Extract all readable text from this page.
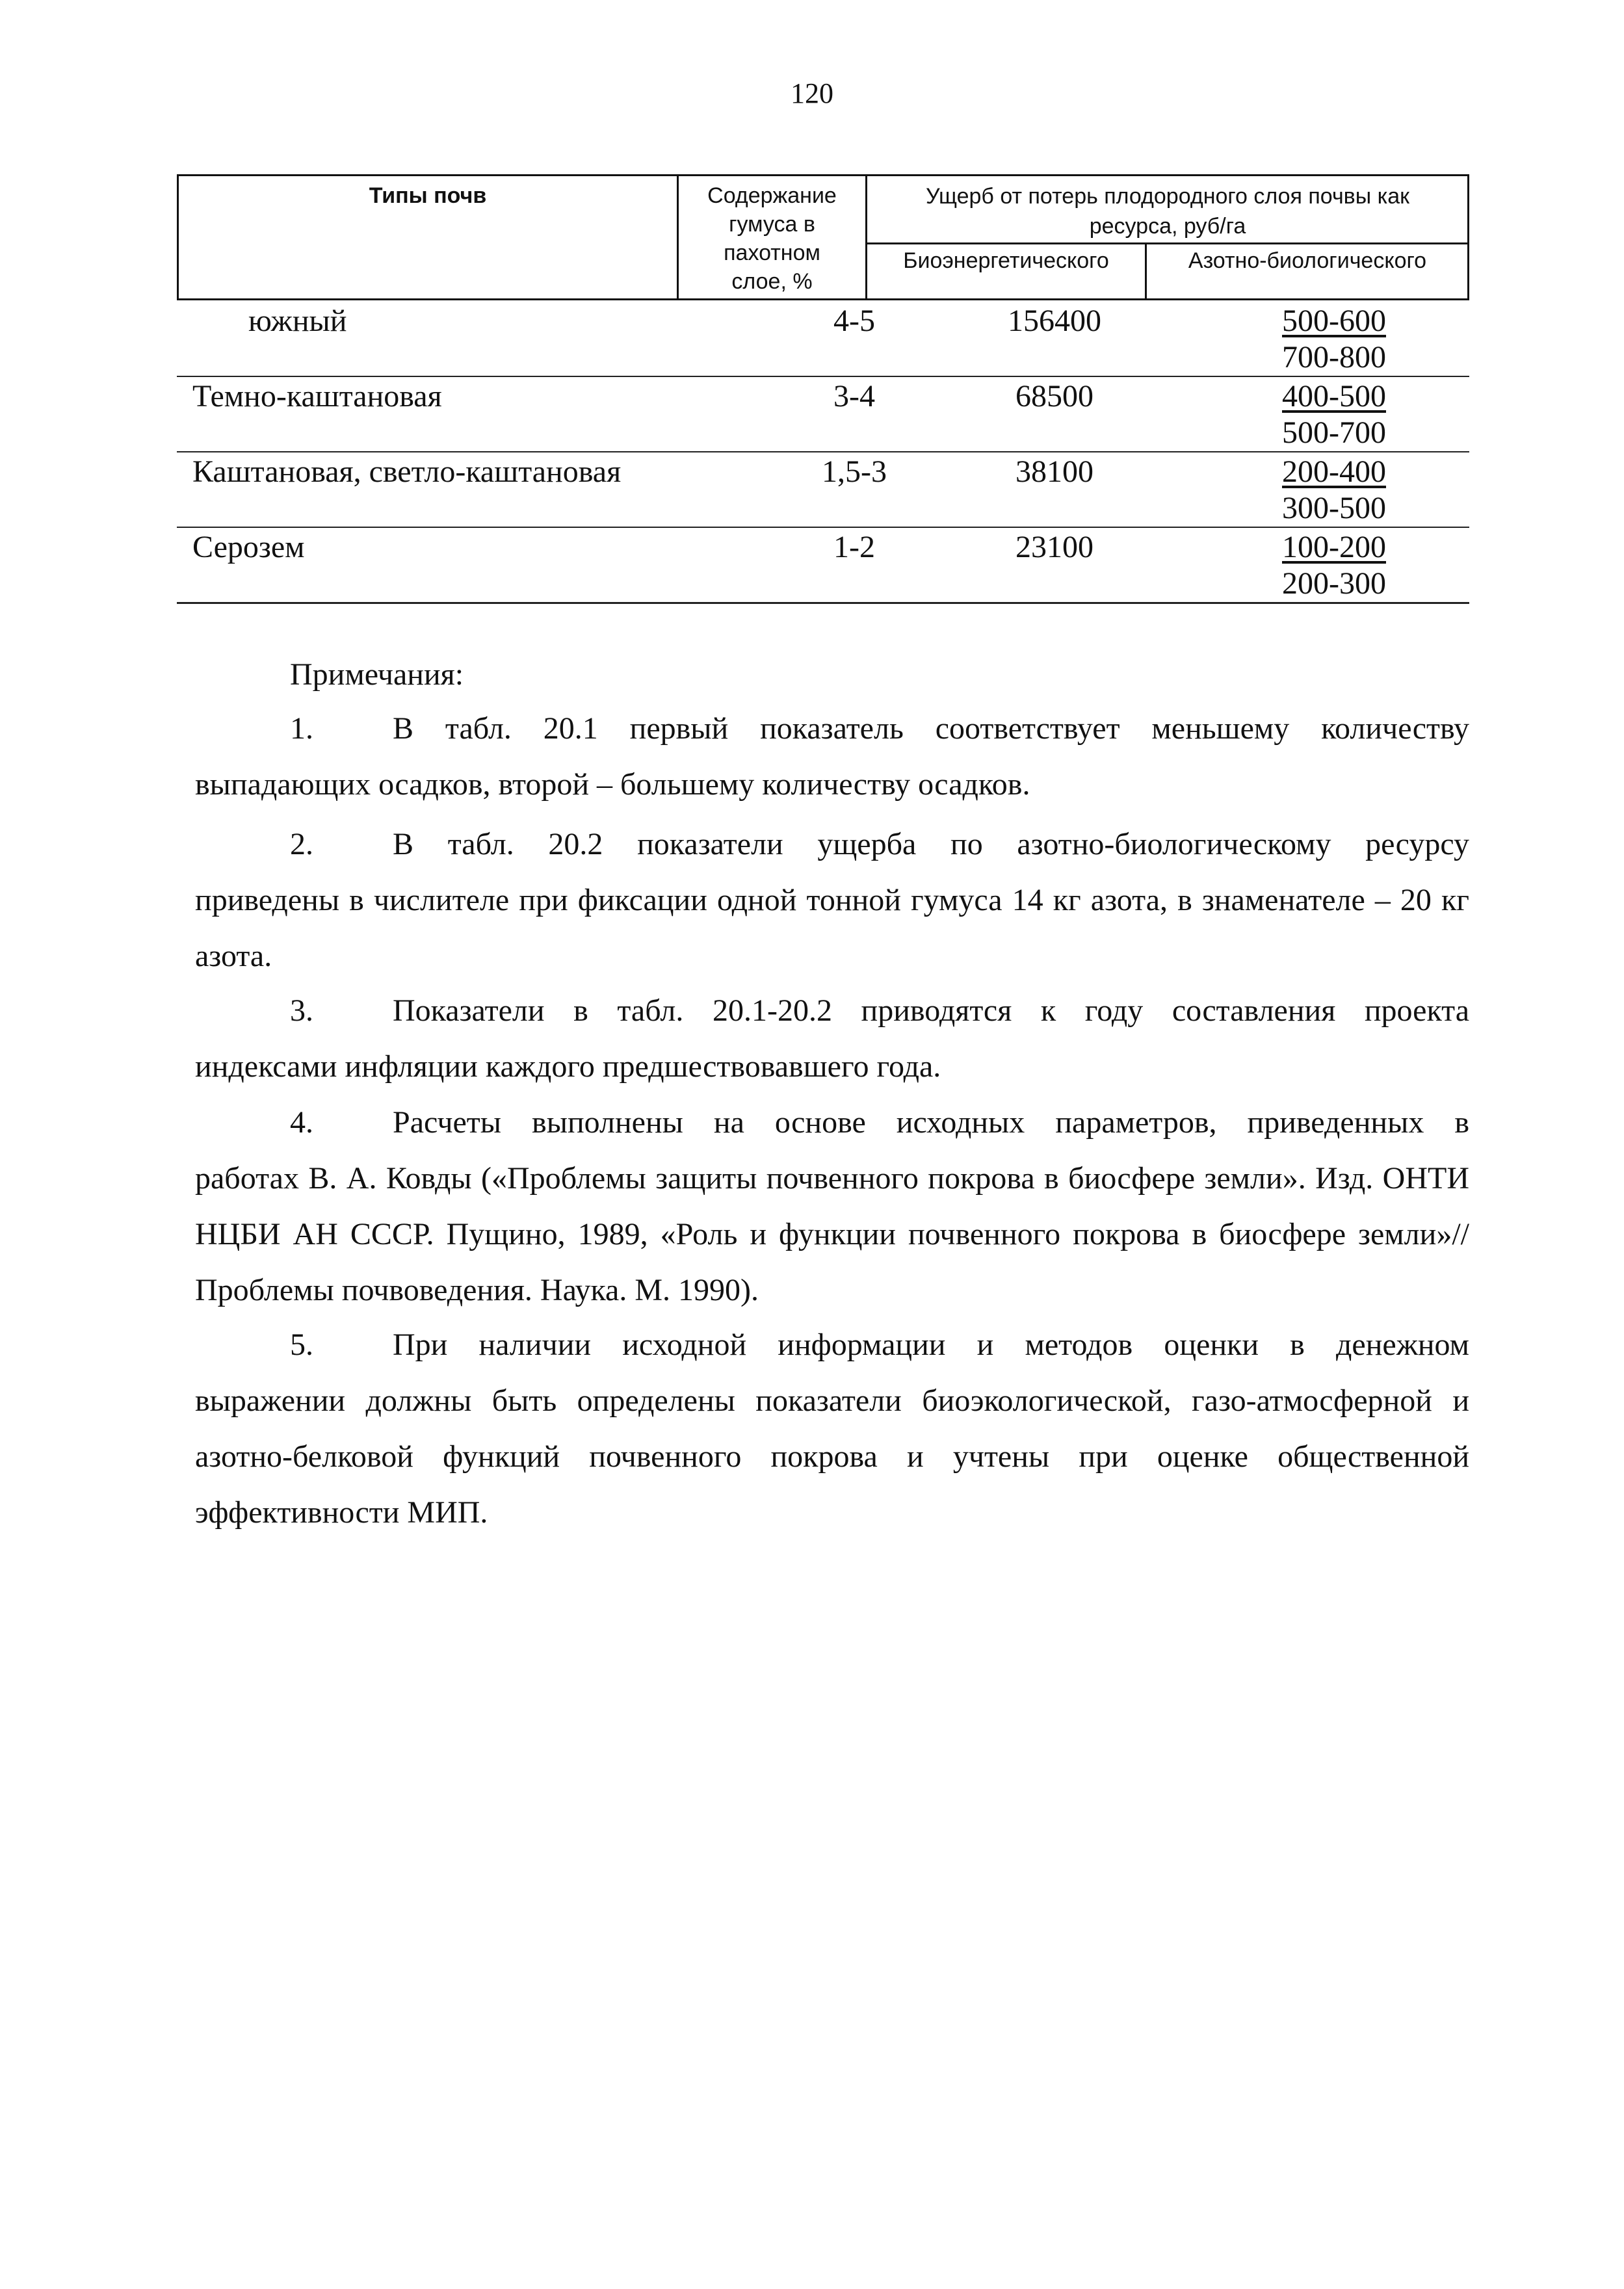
120
Типы почв	Содержание
гумуса в
пахотном
слое, %
Ущерб от потерь плодородного слоя почвы как
ресурса, руб/га
Биоэнергетического	Азотно-биологического
южный	4-5	156400	$\frac{500-600}{700-800}$
Темно-каштановая	3-4	68500	$\frac{400-500}{500-700}$
Каштановая, светло-каштановая	1,5-3	38100	$\frac{200-400}{300-500}$
Серозем	1-2	23100	$\frac{100-200}{200-300}$
Примечания:
1.	В табл. 20.1 первый показатель соответствует меньшему количеству
выпадающих осадков, второй – большему количеству осадков.
2.	В табл. 20.2 показатели ущерба по азотно-биологическому ресурсу
приведены в числителе при фиксации одной тонной гумуса 14 кг азота, в знаменателе – 20 кг азота.
3.	Показатели в табл. 20.1-20.2 приводятся к году составления проекта
индексами инфляции каждого предшествовавшего года.
4.	Расчеты выполнены на основе исходных параметров, приведенных в
работах В. А. Ковды («Проблемы защиты почвенного покрова в биосфере земли». Изд. ОНТИ НЦБИ АН СССР. Пущино, 1989, «Роль и функции почвенного покрова в биосфере земли»// Проблемы почвоведения. Наука. М. 1990).
5.	При наличии исходной информации и методов оценки в денежном
выражении должны быть определены показатели биоэкологической, газо-атмосферной и азотно-белковой функций почвенного покрова и учтены при оценке общественной эффективности МИП.
